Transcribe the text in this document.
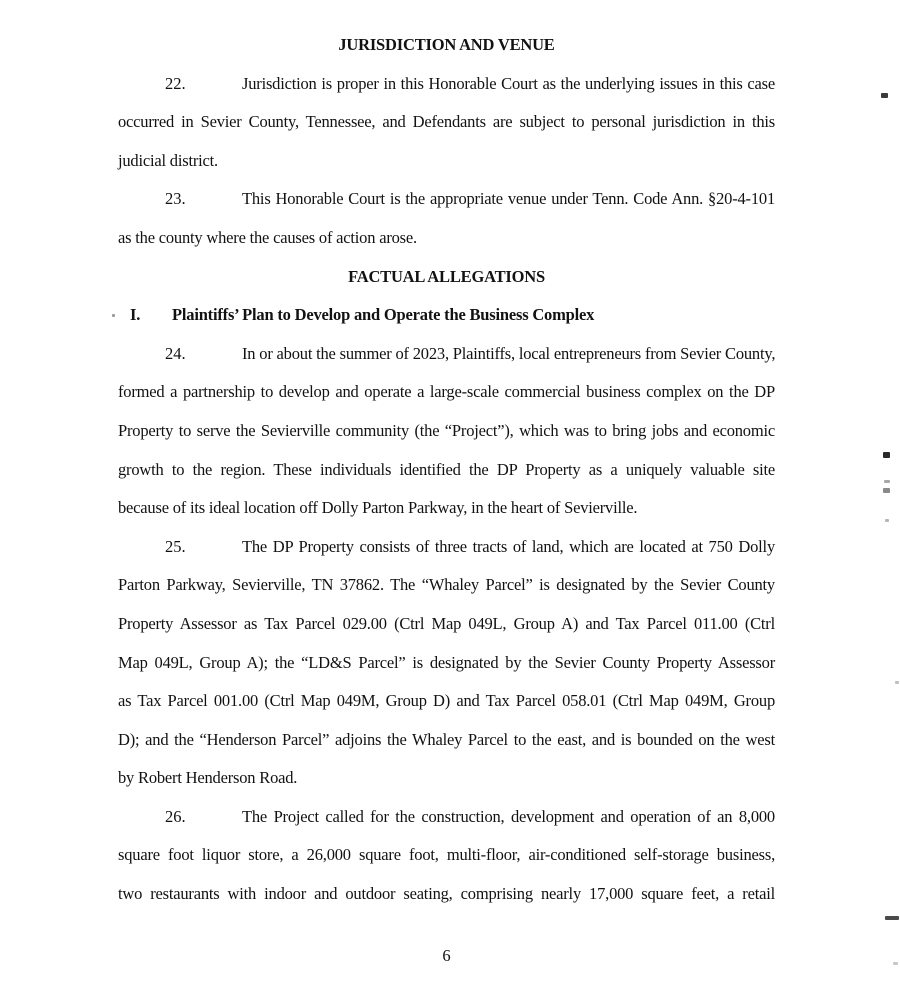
JURISDICTION AND VENUE
22.	Jurisdiction is proper in this Honorable Court as the underlying issues in this case
occurred in Sevier County, Tennessee, and Defendants are subject to personal jurisdiction in this
judicial district.
23.	This Honorable Court is the appropriate venue under Tenn. Code Ann. §20-4-101
as the county where the causes of action arose.
FACTUAL ALLEGATIONS
I. Plaintiffs’ Plan to Develop and Operate the Business Complex
24.	In or about the summer of 2023, Plaintiffs, local entrepreneurs from Sevier County,
formed a partnership to develop and operate a large-scale commercial business complex on the DP
Property to serve the Sevierville community (the “Project”), which was to bring jobs and economic
growth to the region. These individuals identified the DP Property as a uniquely valuable site
because of its ideal location off Dolly Parton Parkway, in the heart of Sevierville.
25.	The DP Property consists of three tracts of land, which are located at 750 Dolly
Parton Parkway, Sevierville, TN 37862. The “Whaley Parcel” is designated by the Sevier County
Property Assessor as Tax Parcel 029.00 (Ctrl Map 049L, Group A) and Tax Parcel 011.00 (Ctrl
Map 049L, Group A); the “LD&S Parcel” is designated by the Sevier County Property Assessor
as Tax Parcel 001.00 (Ctrl Map 049M, Group D) and Tax Parcel 058.01 (Ctrl Map 049M, Group
D); and the “Henderson Parcel” adjoins the Whaley Parcel to the east, and is bounded on the west
by Robert Henderson Road.
26.	The Project called for the construction, development and operation of an 8,000
square foot liquor store, a 26,000 square foot, multi-floor, air-conditioned self-storage business,
two restaurants with indoor and outdoor seating, comprising nearly 17,000 square feet, a retail
6
